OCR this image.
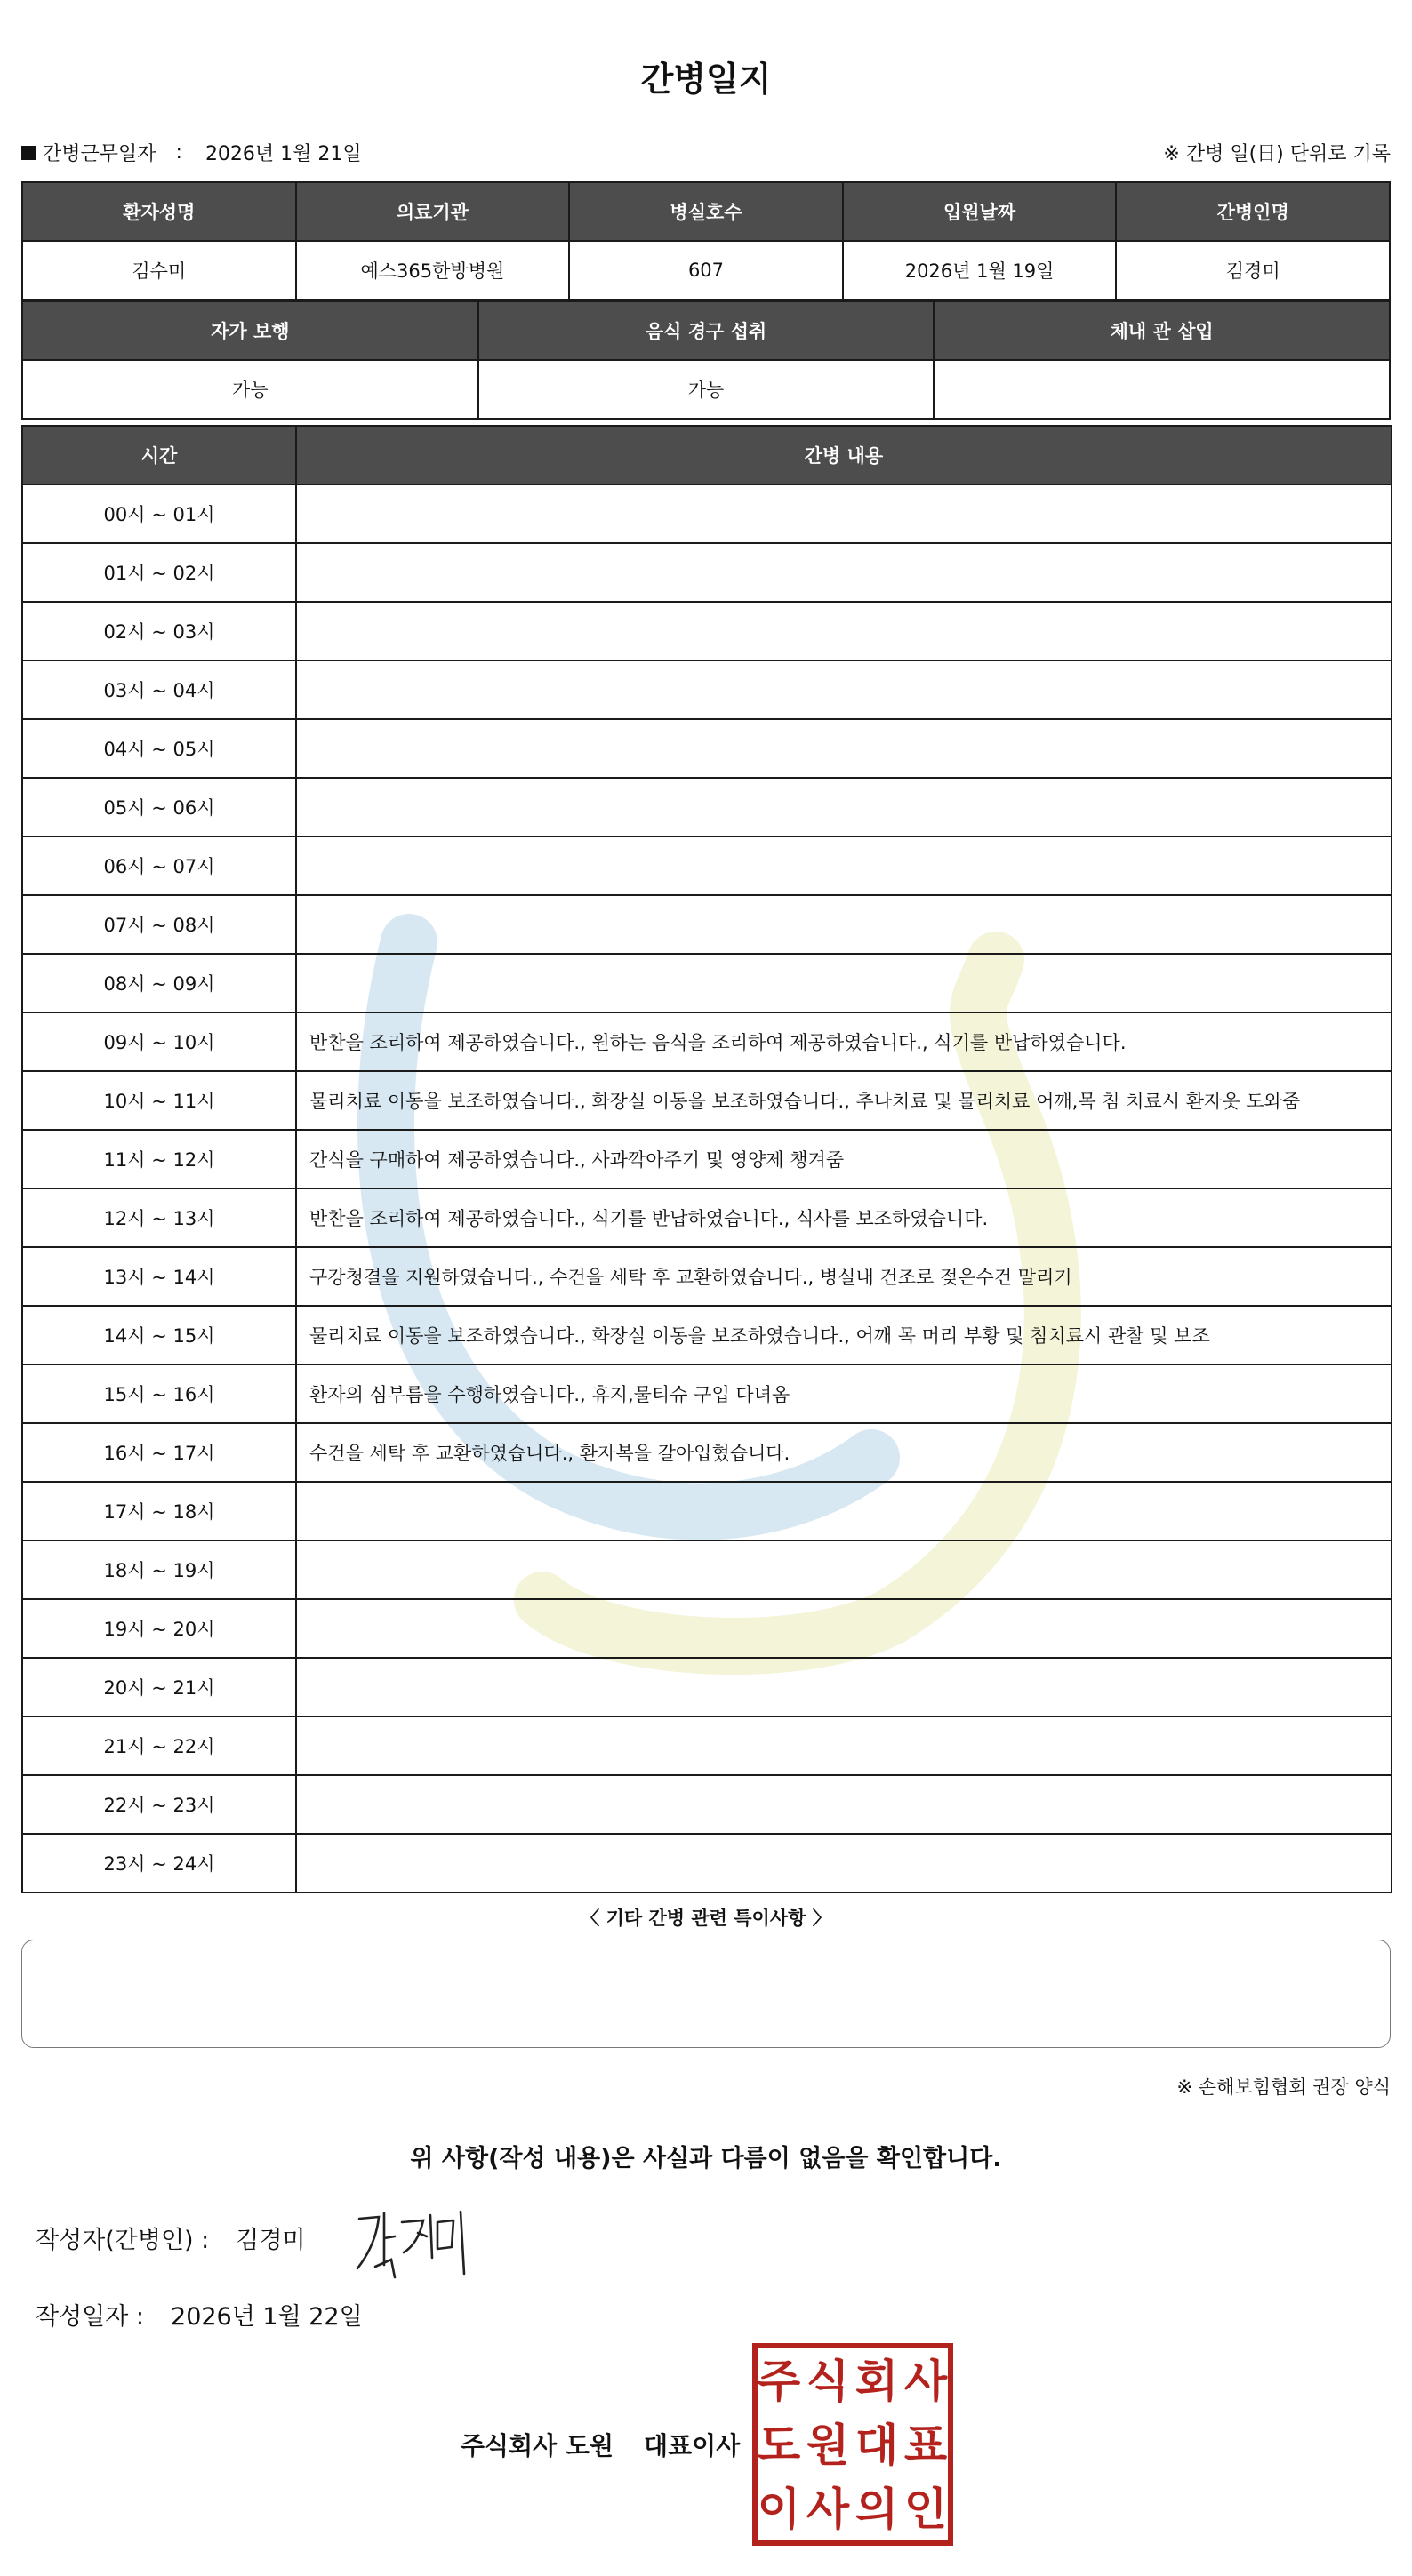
간병일지
간병근무일자 : 2026년 1월 21일	※ 간병 일(日) 단위로 기록
환자성명	의료기관	병실호수	입원날짜	간병인명
김수미	예스365한방병원	607	2026년 1월 19일	김경미
자가 보행	음식 경구 섭취	체내 관 삽입
가능	가능	
시간	간병 내용
00시 ~ 01시	
01시 ~ 02시	
02시 ~ 03시	
03시 ~ 04시	
04시 ~ 05시	
05시 ~ 06시	
06시 ~ 07시	
07시 ~ 08시	
08시 ~ 09시	
09시 ~ 10시	반찬을 조리하여 제공하였습니다., 원하는 음식을 조리하여 제공하였습니다., 식기를 반납하였습니다.
10시 ~ 11시	물리치료 이동을 보조하였습니다., 화장실 이동을 보조하였습니다., 추나치료 및 물리치료 어깨,목 침 치료시 환자옷 도와줌
11시 ~ 12시	간식을 구매하여 제공하였습니다., 사과깍아주기 및 영양제 챙겨줌
12시 ~ 13시	반찬을 조리하여 제공하였습니다., 식기를 반납하였습니다., 식사를 보조하였습니다.
13시 ~ 14시	구강청결을 지원하였습니다., 수건을 세탁 후 교환하였습니다., 병실내 건조로 젖은수건 말리기
14시 ~ 15시	물리치료 이동을 보조하였습니다., 화장실 이동을 보조하였습니다., 어깨 목 머리 부황 및 침치료시 관찰 및 보조
15시 ~ 16시	환자의 심부름을 수행하였습니다., 휴지,물티슈 구입 다녀옴
16시 ~ 17시	수건을 세탁 후 교환하였습니다., 환자복을 갈아입혔습니다.
17시 ~ 18시	
18시 ~ 19시	
19시 ~ 20시	
20시 ~ 21시	
21시 ~ 22시	
22시 ~ 23시	
23시 ~ 24시	
〈 기타 간병 관련 특이사항 〉
※ 손해보험협회 권장 양식
위 사항(작성 내용)은 사실과 다름이 없음을 확인합니다.
작성자(간병인) : 김경미
작성일자 : 2026년 1월 22일
주식회사 도원 대표이사
주 식 회 사
도 원 대 표
이 사 의 인
